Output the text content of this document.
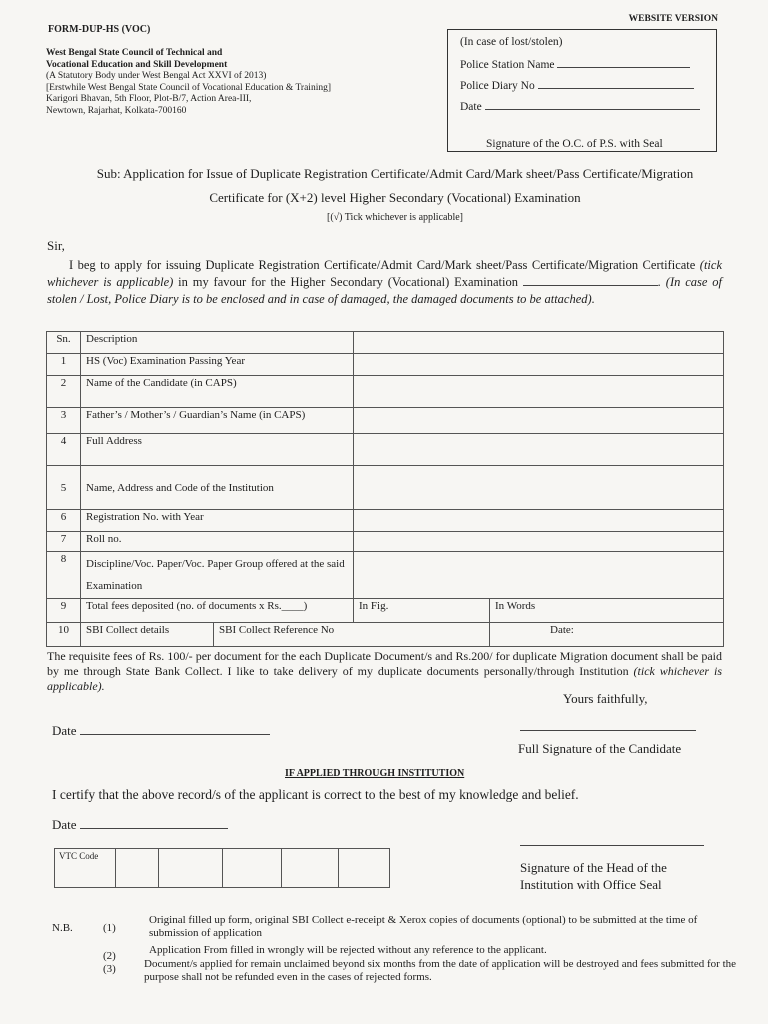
FORM-DUP-HS (VOC)
WEBSITE VERSION
West Bengal State Council of Technical and
Vocational Education and Skill Development
(A Statutory Body under West Bengal Act XXVI of 2013)
[Erstwhile West Bengal State Council of Vocational Education & Training]
Karigori Bhavan, 5th Floor, Plot-B/7, Action Area-III,
Newtown, Rajarhat, Kolkata-700160
(In case of lost/stolen)
Police Station Name
Police Diary No
Date
Signature of the O.C. of P.S. with Seal
Sub: Application for Issue of Duplicate Registration Certificate/Admit Card/Mark sheet/Pass Certificate/Migration
Certificate for (X+2) level Higher Secondary (Vocational) Examination
[(√) Tick whichever is applicable]
Sir,
I beg to apply for issuing Duplicate Registration Certificate/Admit Card/Mark sheet/Pass Certificate/Migration Certificate (tick whichever is applicable) in my favour for the Higher Secondary (Vocational) Examination	. (In case of stolen / Lost, Police Diary is to be enclosed and in case of damaged, the damaged documents to be attached).
Sn.	Description			
1	HS (Voc) Examination Passing Year			
2	Name of the Candidate (in CAPS)			
3	Father’s / Mother’s / Guardian’s Name (in CAPS)			
4	Full Address			
5	Name, Address and Code of the Institution			
6	Registration No. with Year			
7	Roll no.			
8	Discipline/Voc. Paper/Voc. Paper Group offered at the said Examination			
9	Total fees deposited (no. of documents x Rs.____)		In Fig.	In Words
10	SBI Collect details	SBI Collect Reference No		Date:
The requisite fees of Rs. 100/- per document for the each Duplicate Document/s and Rs.200/ for duplicate Migration document shall be paid by me through State Bank Collect. I like to take delivery of my duplicate documents personally/through Institution (tick whichever is applicable).
Yours faithfully,
Date
Full Signature of the Candidate
IF APPLIED THROUGH INSTITUTION
I certify that the above record/s of the applicant is correct to the best of my knowledge and belief.
Date
VTC Code					
Signature of the Head of the
Institution with Office Seal
N.B.	(1)
Original filled up form, original SBI Collect e-receipt & Xerox copies of documents (optional) to be submitted at the time of submission of application
(2)	Application From filled in wrongly will be rejected without any reference to the applicant.
(3)	Document/s applied for remain unclaimed beyond six months from the date of application will be destroyed and fees submitted for the purpose shall not be refunded even in the cases of rejected forms.
